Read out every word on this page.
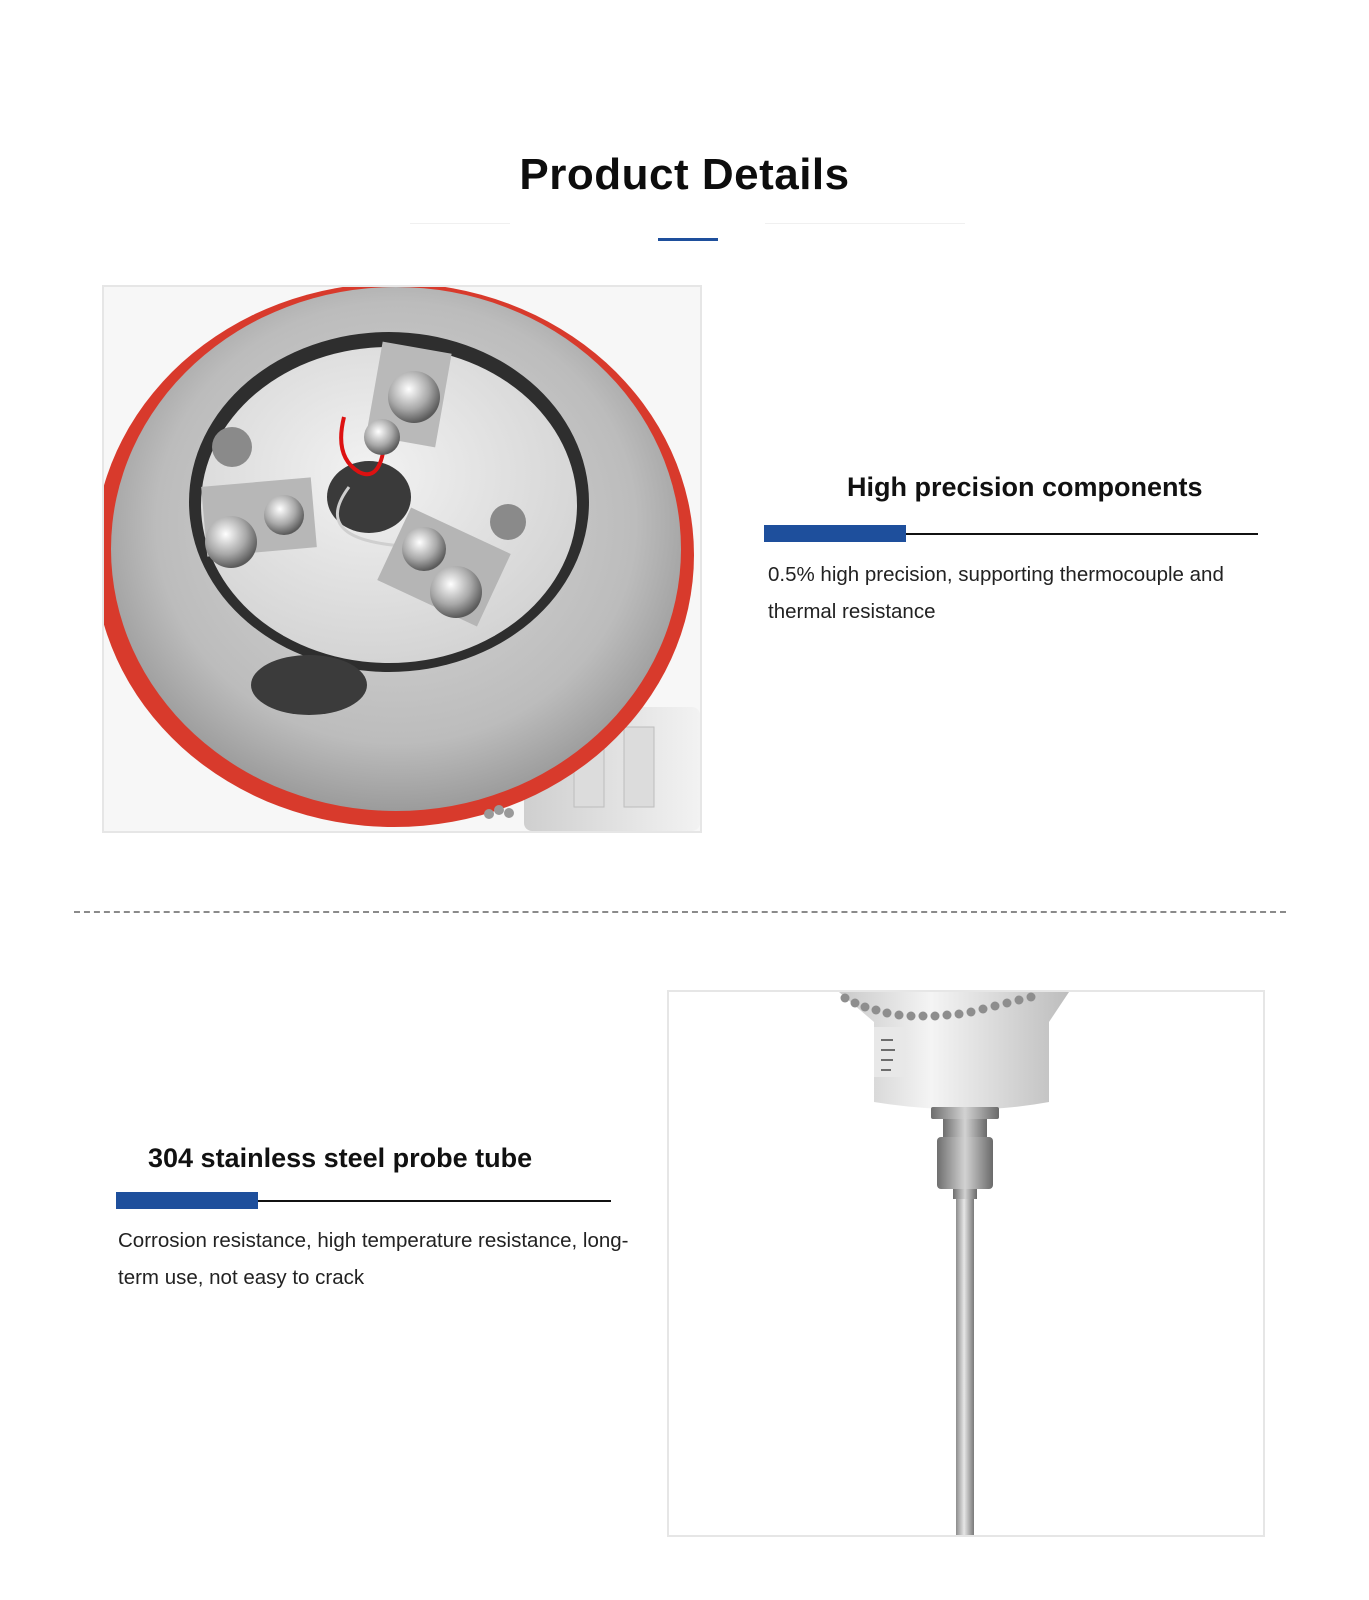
Product Details
High precision components
0.5% high precision, supporting thermocouple and thermal resistance
304 stainless steel probe tube
Corrosion resistance, high temperature resistance, long-term use, not easy to crack
